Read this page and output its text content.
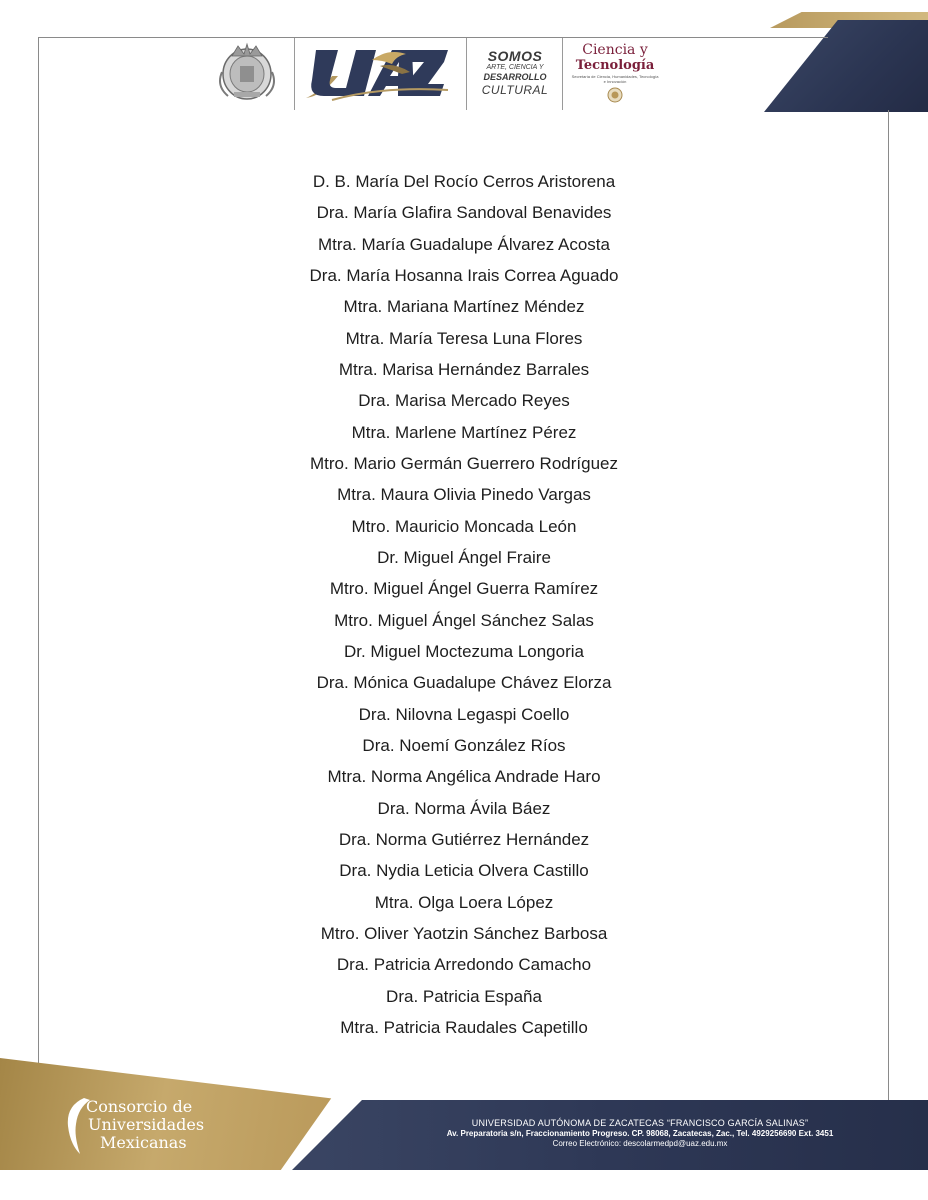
SOMOS
ARTE, CIENCIA Y
DESARROLLO
CULTURAL
Ciencia y
Tecnología
Secretaría de Ciencia, Humanidades, Tecnología e Innovación
D. B. María Del Rocío Cerros Aristorena
Dra. María Glafira Sandoval Benavides
Mtra. María Guadalupe Álvarez Acosta
Dra. María Hosanna Irais Correa Aguado
Mtra. Mariana Martínez Méndez
Mtra. María Teresa Luna Flores
Mtra. Marisa Hernández Barrales
Dra. Marisa Mercado Reyes
Mtra. Marlene Martínez Pérez
Mtro. Mario Germán Guerrero Rodríguez
Mtra. Maura Olivia Pinedo Vargas
Mtro. Mauricio Moncada León
Dr. Miguel Ángel Fraire
Mtro. Miguel Ángel Guerra Ramírez
Mtro. Miguel Ángel Sánchez Salas
Dr. Miguel Moctezuma Longoria
Dra. Mónica Guadalupe Chávez Elorza
Dra. Nilovna Legaspi Coello
Dra. Noemí González Ríos
Mtra. Norma Angélica Andrade Haro
Dra. Norma Ávila Báez
Dra. Norma Gutiérrez Hernández
Dra. Nydia Leticia Olvera Castillo
Mtra. Olga Loera López
Mtro. Oliver Yaotzin Sánchez Barbosa
Dra. Patricia Arredondo Camacho
Dra. Patricia España
Mtra. Patricia Raudales Capetillo
Consorcio de
Universidades
Mexicanas
UNIVERSIDAD AUTÓNOMA DE ZACATECAS “FRANCISCO GARCÍA SALINAS”
Av. Preparatoria s/n, Fraccionamiento Progreso. CP. 98068, Zacatecas, Zac., Tel. 4929256690 Ext. 3451
Correo Electrónico: descolarmedpd@uaz.edu.mx
